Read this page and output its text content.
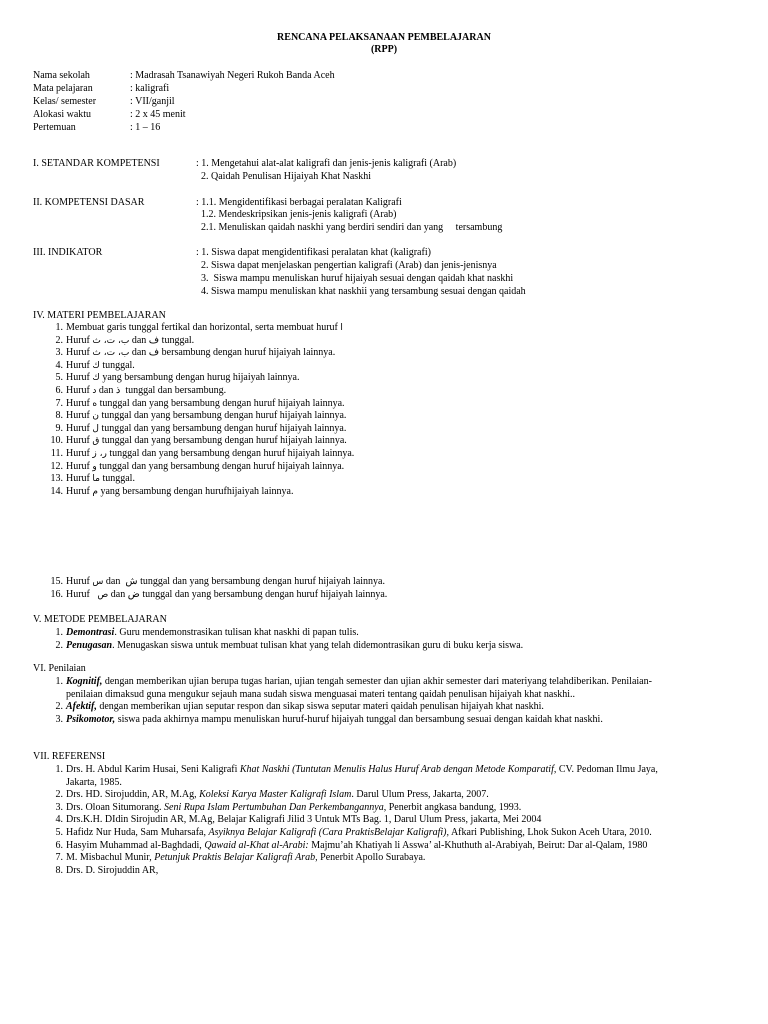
RENCANA PELAKSANAAN PEMBELAJARAN
(RPP)
Nama sekolah	: Madrasah Tsanawiyah Negeri Rukoh Banda Aceh
Mata pelajaran	: kaligrafi
Kelas/ semester	: VII/ganjil
Alokasi waktu	: 2 x 45 menit
Pertemuan	: 1 – 16
I. SETANDAR KOMPETENSI	: 1. Mengetahui alat-alat kaligrafi dan jenis-jenis kaligrafi (Arab)
2. Qaidah Penulisan Hijaiyah Khat Naskhi
II. KOMPETENSI DASAR	: 1.1. Mengidentifikasi berbagai peralatan Kaligrafi
1.2. Mendeskripsikan jenis-jenis kaligrafi (Arab)
2.1. Menuliskan qaidah naskhi yang berdiri sendiri dan yang     tersambung
III. INDIKATOR	: 1. Siswa dapat mengidentifikasi peralatan khat (kaligrafi)
2. Siswa dapat menjelaskan pengertian kaligrafi (Arab) dan jenis-jenisnya
3.  Siswa mampu menuliskan huruf hijaiyah sesuai dengan qaidah khat naskhi
4. Siswa mampu menuliskan khat naskhii yang tersambung sesuai dengan qaidah
IV. MATERI PEMBELAJARAN
1. Membuat garis tunggal fertikal dan horizontal, serta membuat huruf ا
2. Huruf ب، ت، ث dan ف tunggal.
3. Huruf ب، ت، ث dan ف bersambung dengan huruf hijaiyah lainnya.
4. Huruf ك tunggal.
5. Huruf ك yang bersambung dengan hurug hijaiyah lainnya.
6. Huruf د dan ذ  tunggal dan bersambung.
7. Huruf ه tunggal dan yang bersambung dengan huruf hijaiyah lainnya.
8. Huruf ن tunggal dan yang bersambung dengan huruf hijaiyah lainnya.
9. Huruf ل tunggal dan yang bersambung dengan huruf hijaiyah lainnya.
10. Huruf ق tunggal dan yang bersambung dengan huruf hijaiyah lainnya.
11. Huruf ر، ز tunggal dan yang bersambung dengan huruf hijaiyah lainnya.
12. Huruf و tunggal dan yang bersambung dengan huruf hijaiyah lainnya.
13. Huruf ما tunggal.
14. Huruf م yang bersambung dengan hurufhijaiyah lainnya.
15. Huruf س dan  ش tunggal dan yang bersambung dengan huruf hijaiyah lainnya.
16. Huruf   ص dan ض tunggal dan yang bersambung dengan huruf hijaiyah lainnya.
V. METODE PEMBELAJARAN
1. Demontrasi. Guru mendemonstrasikan tulisan khat naskhi di papan tulis.
2. Penugasan. Menugaskan siswa untuk membuat tulisan khat yang telah didemontrasikan guru di buku kerja siswa.
VI. Penilaian
1. Kognitif, dengan memberikan ujian berupa tugas harian, ujian tengah semester dan ujian akhir semester dari materiyang telahdiberikan. Penilaian-
penilaian dimaksud guna mengukur sejauh mana sudah siswa menguasai materi tentang qaidah penulisan hijaiyah khat naskhi..
2. Afektif, dengan memberikan ujian seputar respon dan sikap siswa seputar materi qaidah penulisan hijaiyah khat naskhi.
3. Psikomotor, siswa pada akhirnya mampu menuliskan huruf-huruf hijaiyah tunggal dan bersambung sesuai dengan kaidah khat naskhi.
VII. REFERENSI
1. Drs. H. Abdul Karim Husai, Seni Kaligrafi Khat Naskhi (Tuntutan Menulis Halus Huruf Arab dengan Metode Komparatif, CV. Pedoman Ilmu Jaya,
Jakarta, 1985.
2. Drs. HD. Sirojuddin, AR, M.Ag, Koleksi Karya Master Kaligrafi Islam. Darul Ulum Press, Jakarta, 2007.
3. Drs. Oloan Situmorang. Seni Rupa Islam Pertumbuhan Dan Perkembangannya, Penerbit angkasa bandung, 1993.
4. Drs.K.H. DIdin Sirojudin AR, M.Ag, Belajar Kaligrafi Jilid 3 Untuk MTs Bag. 1, Darul Ulum Press, jakarta, Mei 2004
5. Hafidz Nur Huda, Sam Muharsafa, Asyiknya Belajar Kaligrafi (Cara PraktisBelajar Kaligrafi), Afkari Publishing, Lhok Sukon Aceh Utara, 2010.
6. Hasyim Muhammad al-Baghdadi, Qawaid al-Khat al-Arabi: Majmu’ah Khatiyah li Asswa’ al-Khuthuth al-Arabiyah, Beirut: Dar al-Qalam, 1980
7. M. Misbachul Munir, Petunjuk Praktis Belajar Kaligrafi Arab, Penerbit Apollo Surabaya.
8. Drs. D. Sirojuddin AR,
